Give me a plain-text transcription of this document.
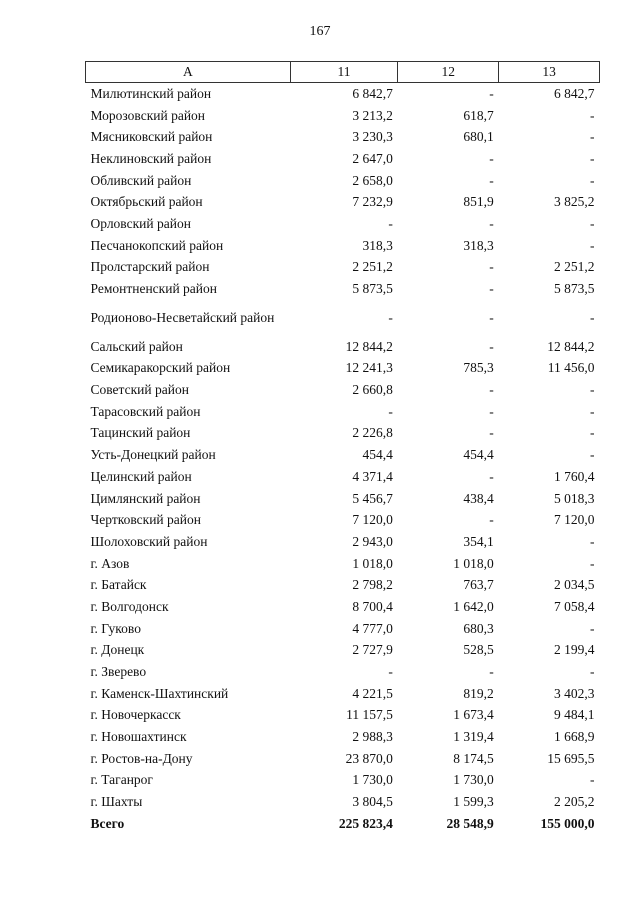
167
А	11	12	13
Милютинский район	6 842,7	-	6 842,7
Морозовский район	3 213,2	618,7	-
Мясниковский район	3 230,3	680,1	-
Неклиновский район	2 647,0	-	-
Обливский район	2 658,0	-	-
Октябрьский район	7 232,9	851,9	3 825,2
Орловский район	-	-	-
Песчанокопский район	318,3	318,3	-
Пролстарский район	2 251,2	-	2 251,2
Ремонтненский район	5 873,5	-	5 873,5
Родионово-Несветайский район	-	-	-
Сальский район	12 844,2	-	12 844,2
Семикаракорский район	12 241,3	785,3	11 456,0
Советский район	2 660,8	-	-
Тарасовский район	-	-	-
Тацинский район	2 226,8	-	-
Усть-Донецкий район	454,4	454,4	-
Целинский район	4 371,4	-	1 760,4
Цимлянский район	5 456,7	438,4	5 018,3
Чертковский район	7 120,0	-	7 120,0
Шолоховский район	2 943,0	354,1	-
г. Азов	1 018,0	1 018,0	-
г. Батайск	2 798,2	763,7	2 034,5
г. Волгодонск	8 700,4	1 642,0	7 058,4
г. Гуково	4 777,0	680,3	-
г. Донецк	2 727,9	528,5	2 199,4
г. Зверево	-	-	-
г. Каменск-Шахтинский	4 221,5	819,2	3 402,3
г. Новочеркасск	11 157,5	1 673,4	9 484,1
г. Новошахтинск	2 988,3	1 319,4	1 668,9
г. Ростов-на-Дону	23 870,0	8 174,5	15 695,5
г. Таганрог	1 730,0	1 730,0	-
г. Шахты	3 804,5	1 599,3	2 205,2
Всего	225 823,4	28 548,9	155 000,0
